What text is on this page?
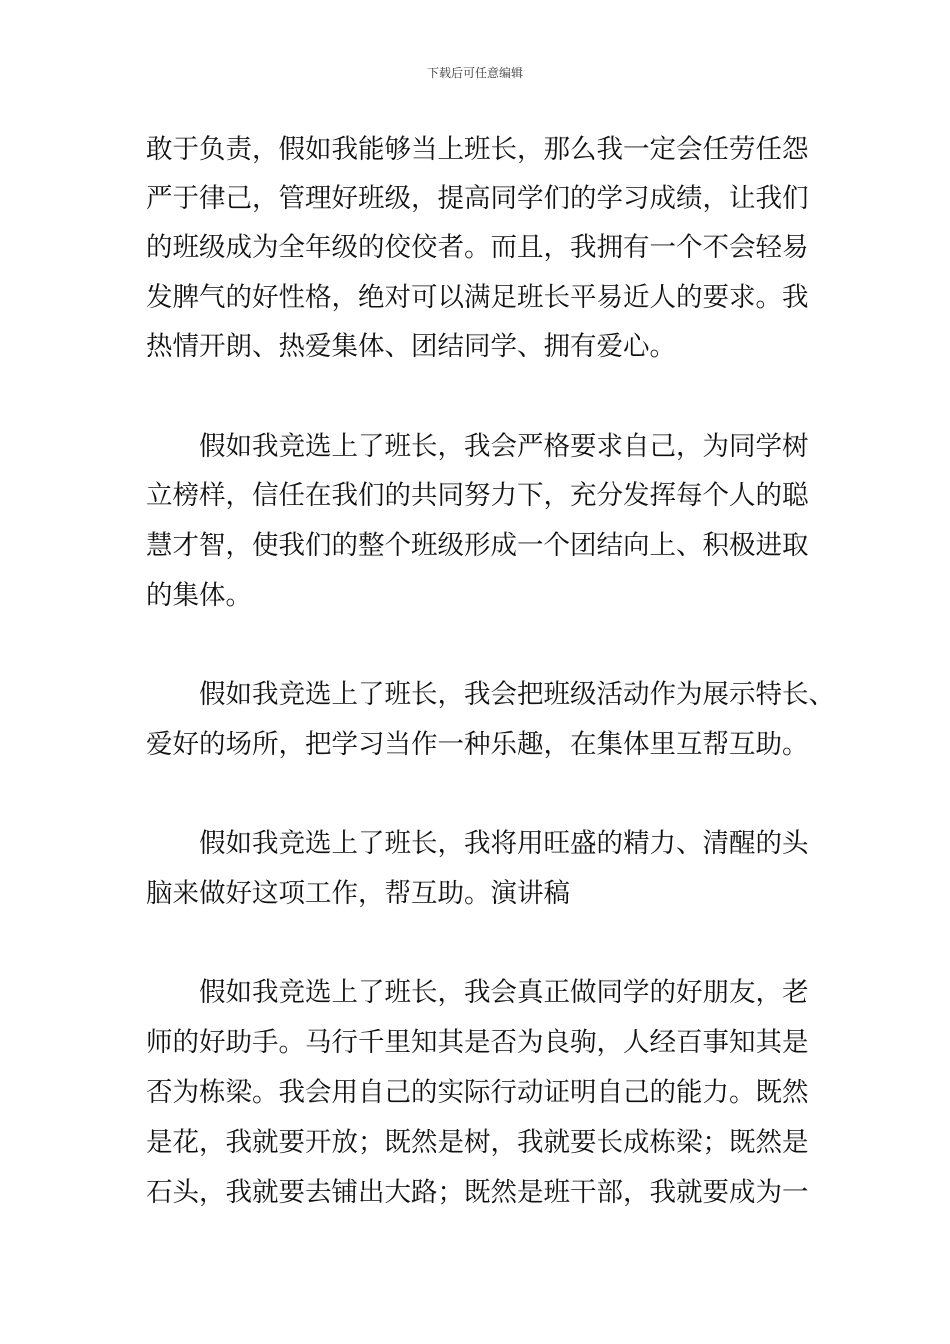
下载后可任意编辑
敢于负责，假如我能够当上班长，那么我一定会任劳任怨
严于律己，管理好班级，提高同学们的学习成绩，让我们
的班级成为全年级的佼佼者。而且，我拥有一个不会轻易
发脾气的好性格，绝对可以满足班长平易近人的要求。我
热情开朗、热爱集体、团结同学、拥有爱心。
　　假如我竞选上了班长，我会严格要求自己，为同学树
立榜样，信任在我们的共同努力下，充分发挥每个人的聪
慧才智，使我们的整个班级形成一个团结向上、积极进取
的集体。
　　假如我竞选上了班长，我会把班级活动作为展示特长、
爱好的场所，把学习当作一种乐趣，在集体里互帮互助。
　　假如我竞选上了班长，我将用旺盛的精力、清醒的头
脑来做好这项工作，帮互助。演讲稿
　　假如我竞选上了班长，我会真正做同学的好朋友，老
师的好助手。马行千里知其是否为良驹，人经百事知其是
否为栋梁。我会用自己的实际行动证明自己的能力。既然
是花，我就要开放；既然是树，我就要长成栋梁；既然是
石头，我就要去铺出大路；既然是班干部，我就要成为一
